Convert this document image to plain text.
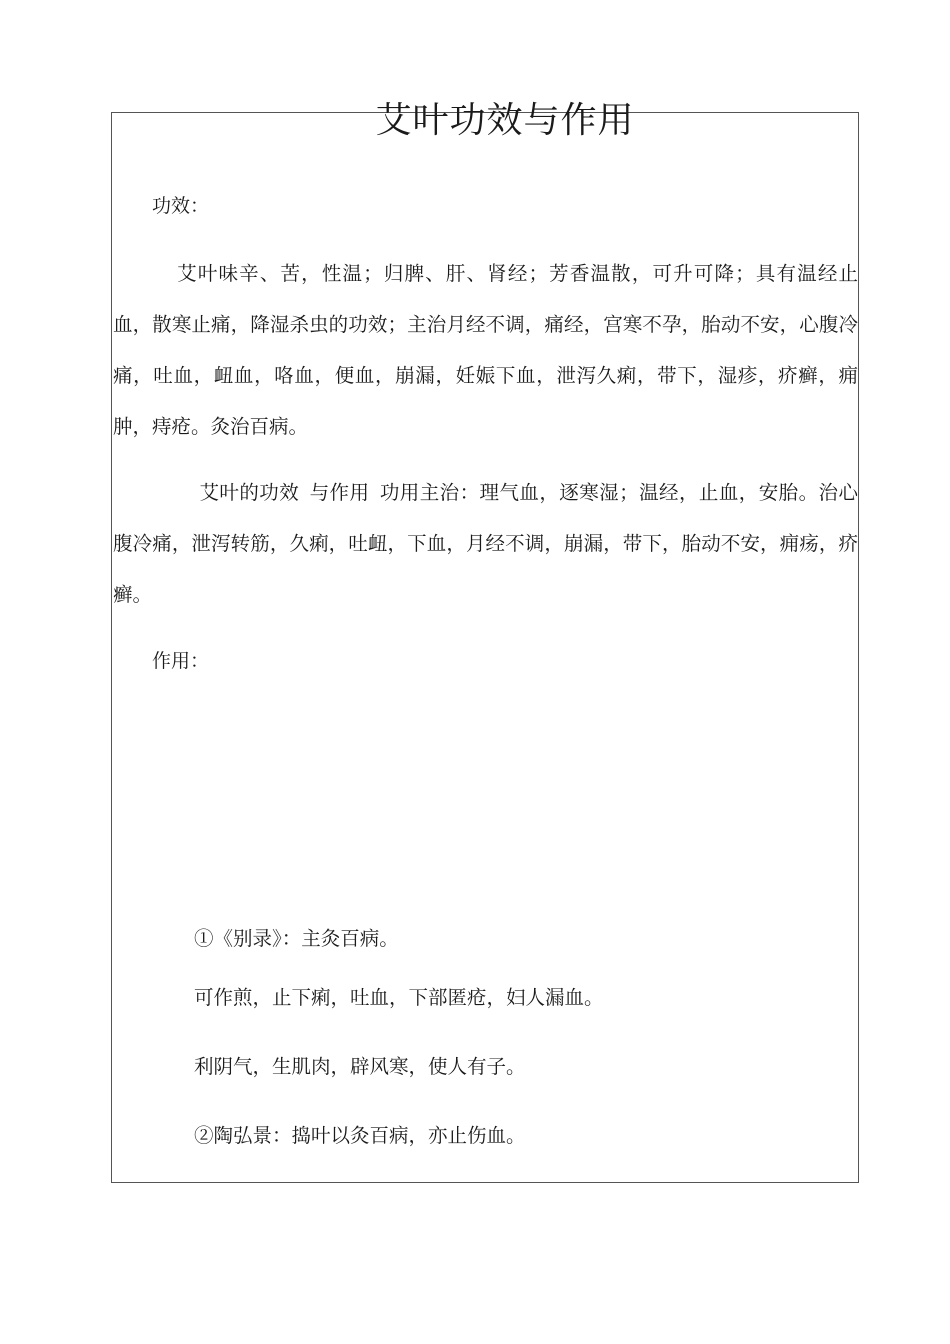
艾叶功效与作用
功效：

艾叶味辛、苦，性温；归脾、肝、肾经；芳香温散，可升可降；具有温经止血，散寒止痛，降湿杀虫的功效；主治月经不调，痛经，宫寒不孕，胎动不安，心腹冷痛，吐血，衄血，咯血，便血，崩漏，妊娠下血，泄泻久痢，带下，湿疹，疥癣，痈肿，痔疮。灸治百病。

艾叶的功效 与作用 功用主治：理气血，逐寒湿；温经，止血，安胎。治心腹冷痛，泄泻转筋，久痢，吐衄，下血，月经不调，崩漏，带下，胎动不安，痈疡，疥癣。

作用：
①《别录》：主灸百病。
可作煎，止下痢，吐血，下部匿疮，妇人漏血。
利阴气，生肌肉，辟风寒，使人有子。
②陶弘景：捣叶以灸百病，亦止伤血。
